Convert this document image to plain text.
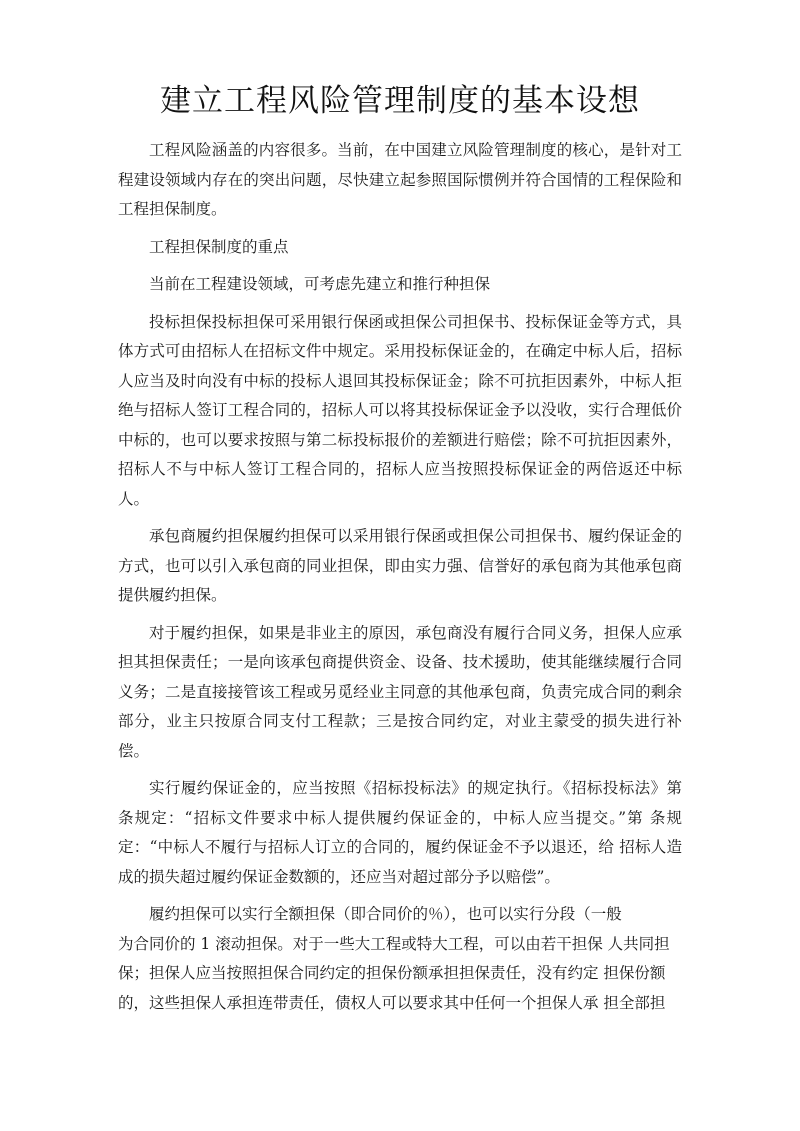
建立工程风险管理制度的基本设想

工程风险涵盖的内容很多。当前，在中国建立风险管理制度的核心，是针对工程建设领域内存在的突出问题，尽快建立起参照国际惯例并符合国情的工程保险和工程担保制度。

工程担保制度的重点

当前在工程建设领域，可考虑先建立和推行种担保

投标担保投标担保可采用银行保函或担保公司担保书、投标保证金等方式，具体方式可由招标人在招标文件中规定。采用投标保证金的，在确定中标人后，招标人应当及时向没有中标的投标人退回其投标保证金；除不可抗拒因素外，中标人拒绝与招标人签订工程合同的，招标人可以将其投标保证金予以没收，实行合理低价中标的，也可以要求按照与第二标投标报价的差额进行赔偿；除不可抗拒因素外，招标人不与中标人签订工程合同的，招标人应当按照投标保证金的两倍返还中标人。

承包商履约担保履约担保可以采用银行保函或担保公司担保书、履约保证金的方式，也可以引入承包商的同业担保，即由实力强、信誉好的承包商为其他承包商提供履约担保。

对于履约担保，如果是非业主的原因，承包商没有履行合同义务，担保人应承担其担保责任；一是向该承包商提供资金、设备、技术援助，使其能继续履行合同义务；二是直接接管该工程或另觅经业主同意的其他承包商，负责完成合同的剩余部分，业主只按原合同支付工程款；三是按合同约定，对业主蒙受的损失进行补偿。

实行履约保证金的，应当按照《招标投标法》的规定执行。《招标投标法》第条规定：“招标文件要求中标人提供履约保证金的，中标人应当提交。”第 条规定：“中标人不履行与招标人订立的合同的，履约保证金不予以退还，给 招标人造成的损失超过履约保证金数额的，还应当对超过部分予以赔偿”。

履约担保可以实行全额担保（即合同价的％），也可以实行分段（一般
为合同价的 1 滚动担保。对于一些大工程或特大工程，可以由若干担保 人共同担
保；担保人应当按照担保合同约定的担保份额承担担保责任，没有约定 担保份额
的，这些担保人承担连带责任，债权人可以要求其中任何一个担保人承 担全部担
